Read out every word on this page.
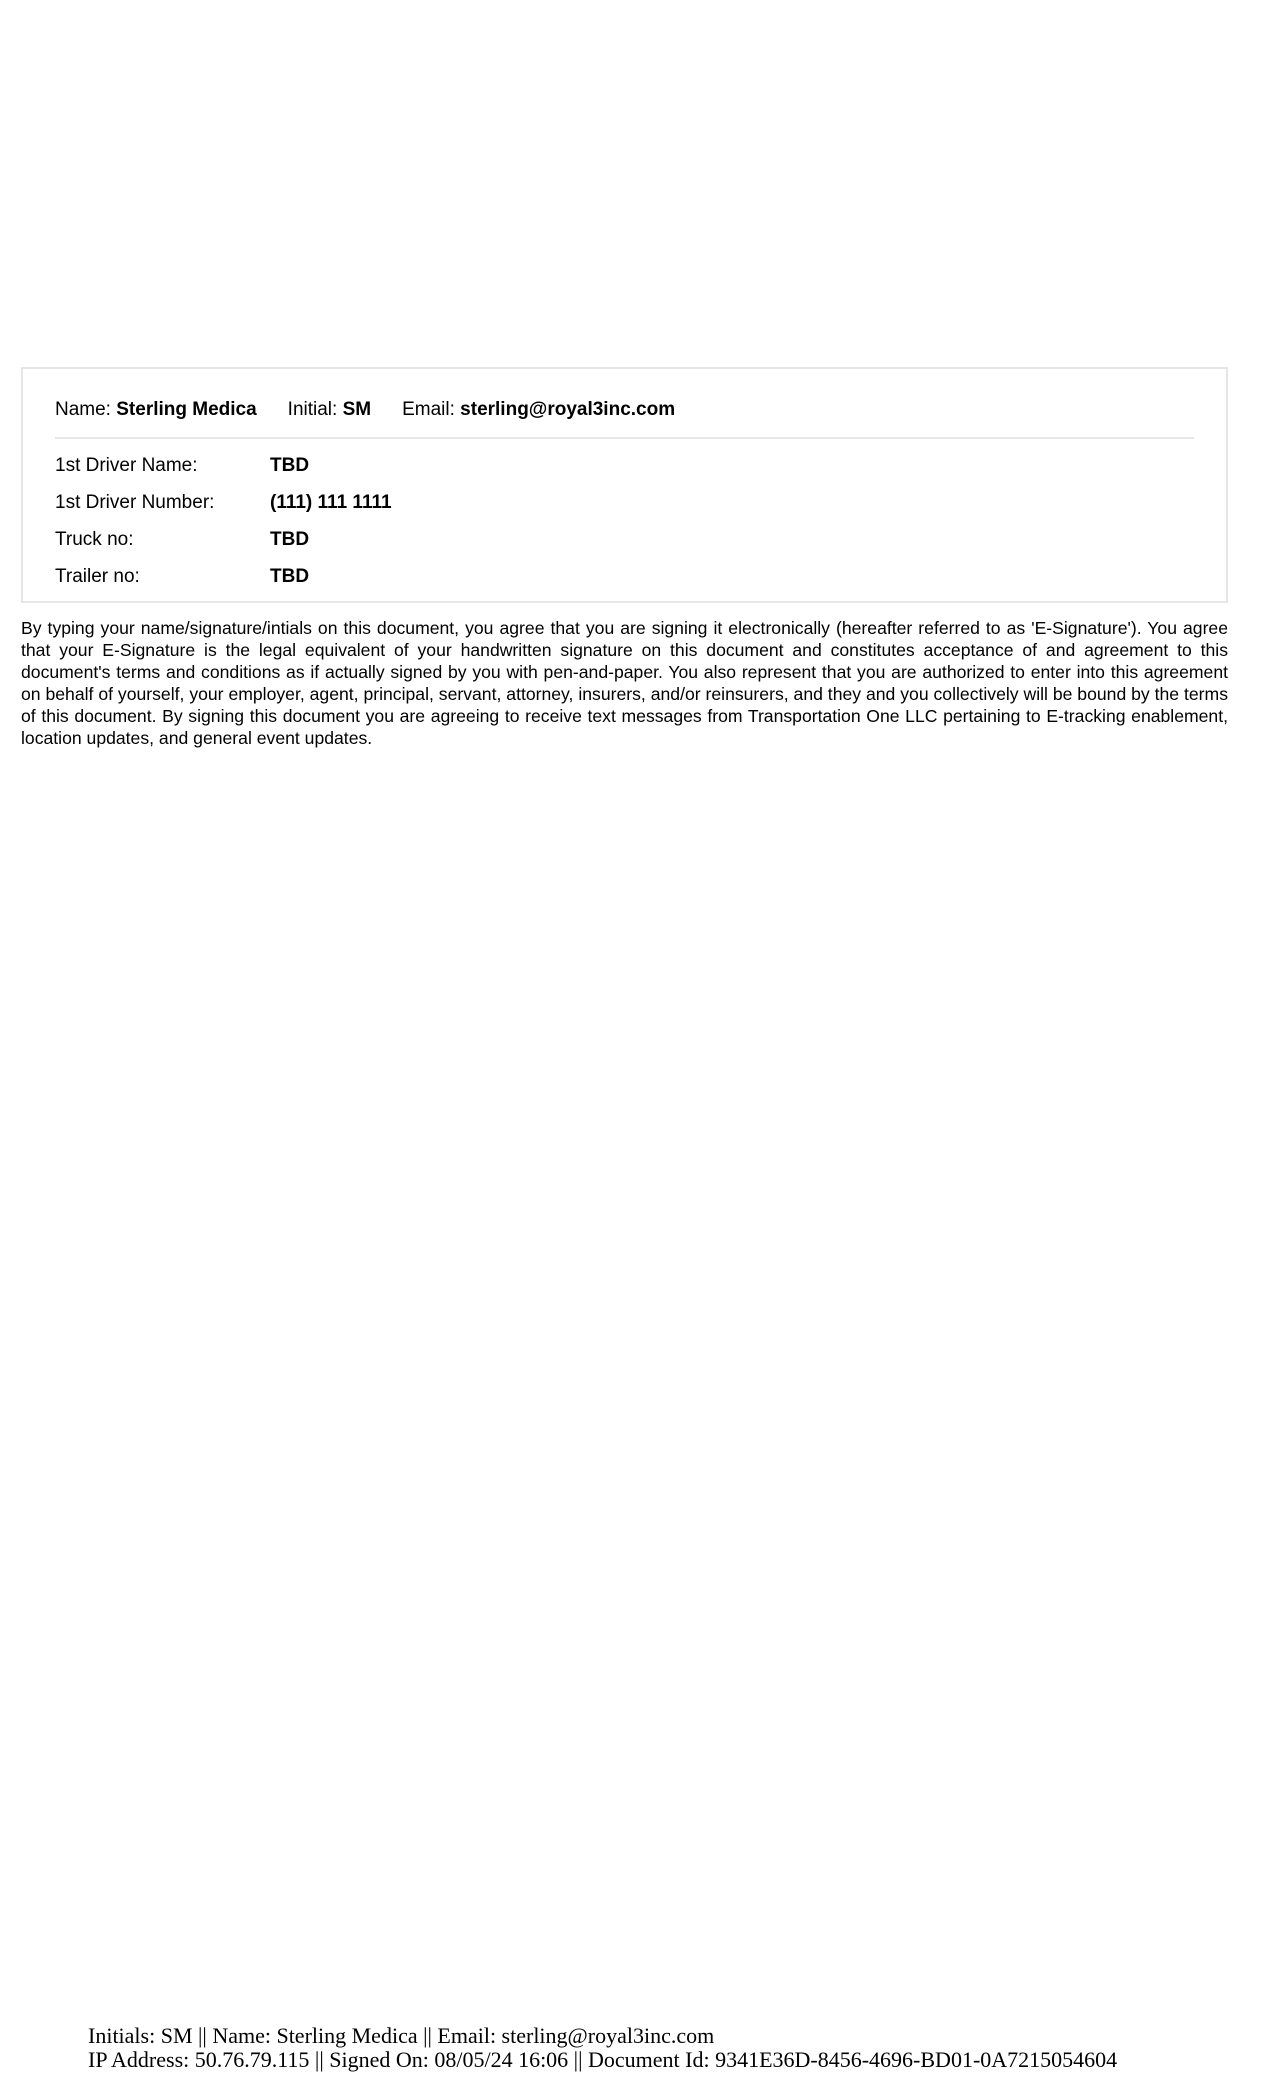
Name: Sterling Medica Initial: SM Email: sterling@royal3inc.com
1st Driver Name:	TBD
1st Driver Number:	(111) 111 1111
Truck no:	TBD
Trailer no:	TBD

By typing your name/signature/intials on this document, you agree that you are signing it electronically (hereafter referred to as 'E-Signature'). You agree that your E-Signature is the legal equivalent of your handwritten signature on this document and constitutes acceptance of and agreement to this document's terms and conditions as if actually signed by you with pen-and-paper. You also represent that you are authorized to enter into this agreement on behalf of yourself, your employer, agent, principal, servant, attorney, insurers, and/or reinsurers, and they and you collectively will be bound by the terms of this document. By signing this document you are agreeing to receive text messages from Transportation One LLC pertaining to E-tracking enablement, location updates, and general event updates.

Initials: SM || Name: Sterling Medica || Email: sterling@royal3inc.com
IP Address: 50.76.79.115 || Signed On: 08/05/24 16:06 || Document Id: 9341E36D-8456-4696-BD01-0A7215054604
